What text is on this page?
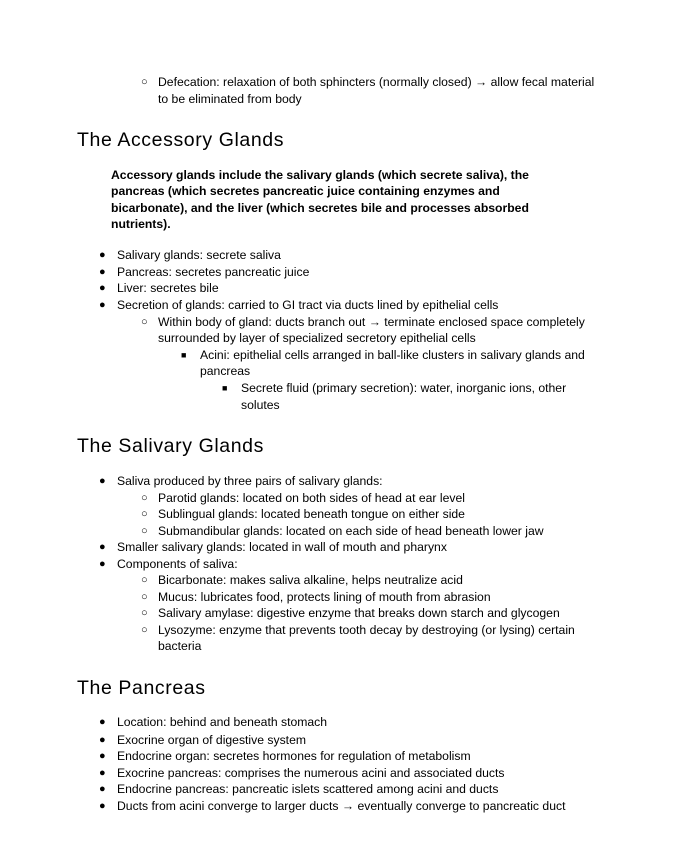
○ Defecation: relaxation of both sphincters (normally closed) → allow fecal material
to be eliminated from body
The Accessory Glands
Accessory glands include the salivary glands (which secrete saliva), the
pancreas (which secretes pancreatic juice containing enzymes and
bicarbonate), and the liver (which secretes bile and processes absorbed
nutrients).
● Salivary glands: secrete saliva
● Pancreas: secretes pancreatic juice
● Liver: secretes bile
● Secretion of glands: carried to GI tract via ducts lined by epithelial cells
○ Within body of gland: ducts branch out → terminate enclosed space completely
surrounded by layer of specialized secretory epithelial cells
■ Acini: epithelial cells arranged in ball-like clusters in salivary glands and
pancreas
■ Secrete fluid (primary secretion): water, inorganic ions, other
solutes
The Salivary Glands
● Saliva produced by three pairs of salivary glands:
○ Parotid glands: located on both sides of head at ear level
○ Sublingual glands: located beneath tongue on either side
○ Submandibular glands: located on each side of head beneath lower jaw
● Smaller salivary glands: located in wall of mouth and pharynx
● Components of saliva:
○ Bicarbonate: makes saliva alkaline, helps neutralize acid
○ Mucus: lubricates food, protects lining of mouth from abrasion
○ Salivary amylase: digestive enzyme that breaks down starch and glycogen
○ Lysozyme: enzyme that prevents tooth decay by destroying (or lysing) certain
bacteria
The Pancreas
● Location: behind and beneath stomach
● Exocrine organ of digestive system
● Endocrine organ: secretes hormones for regulation of metabolism
● Exocrine pancreas: comprises the numerous acini and associated ducts
● Endocrine pancreas: pancreatic islets scattered among acini and ducts
● Ducts from acini converge to larger ducts → eventually converge to pancreatic duct
